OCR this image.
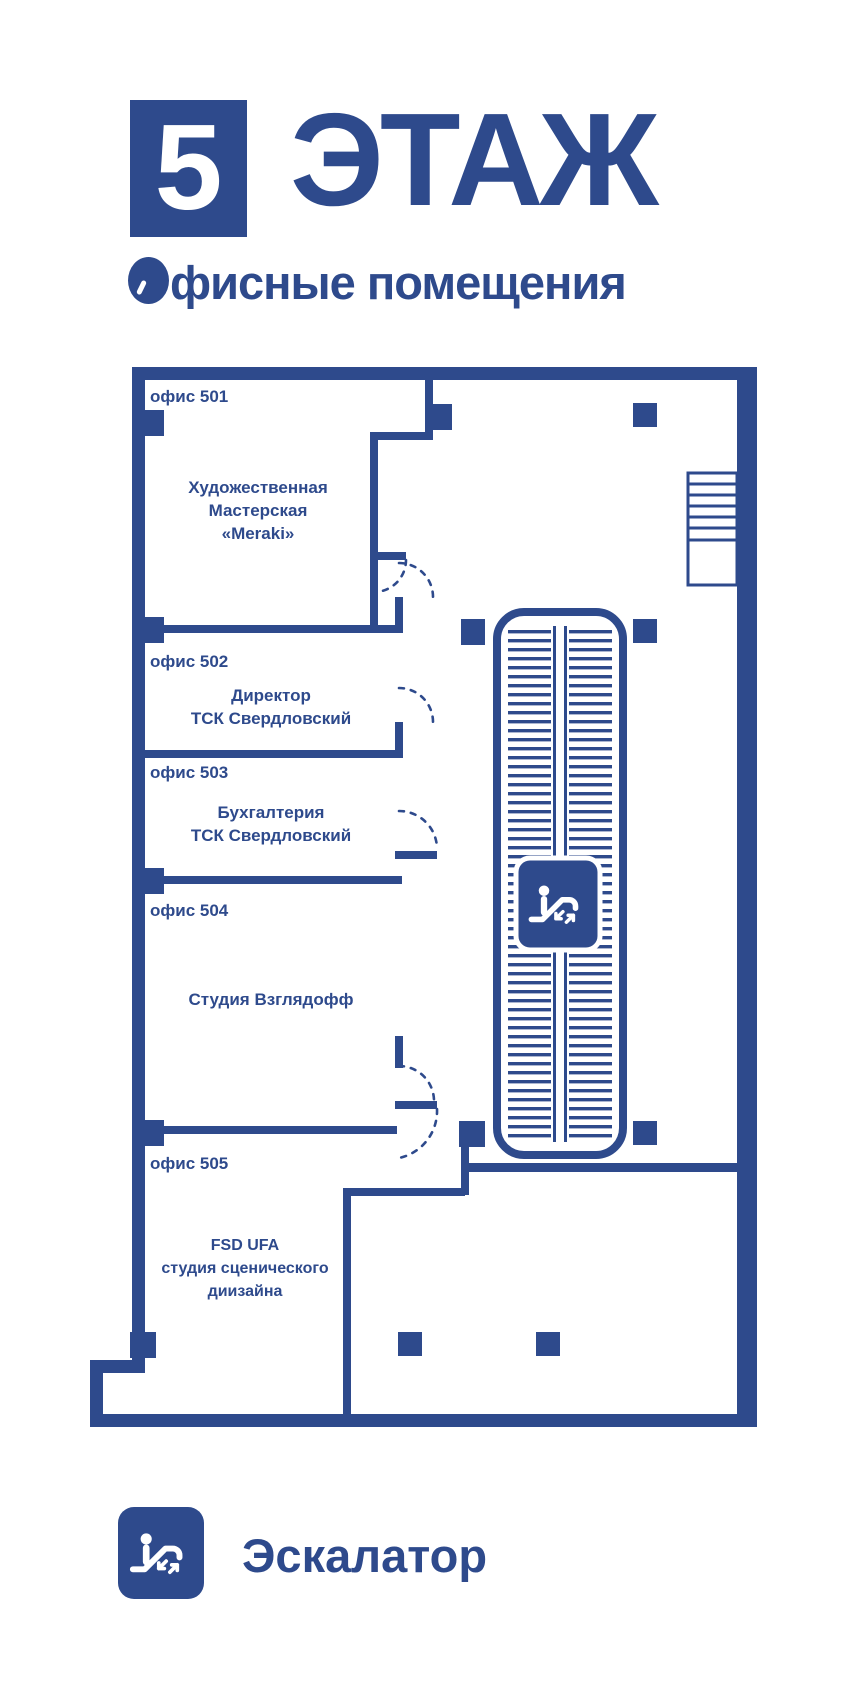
5 ЭТАЖ
фисные помещения
офис 501
Художественная Мастерская
«Meraki»
офис 502
Директор
ТСК Свердловский
офис 503
Бухгалтерия
ТСК Свердловский
офис 504
Студия Взглядофф
офис 505
FSD UFA
студия сценического диизайна
Эскалатор
